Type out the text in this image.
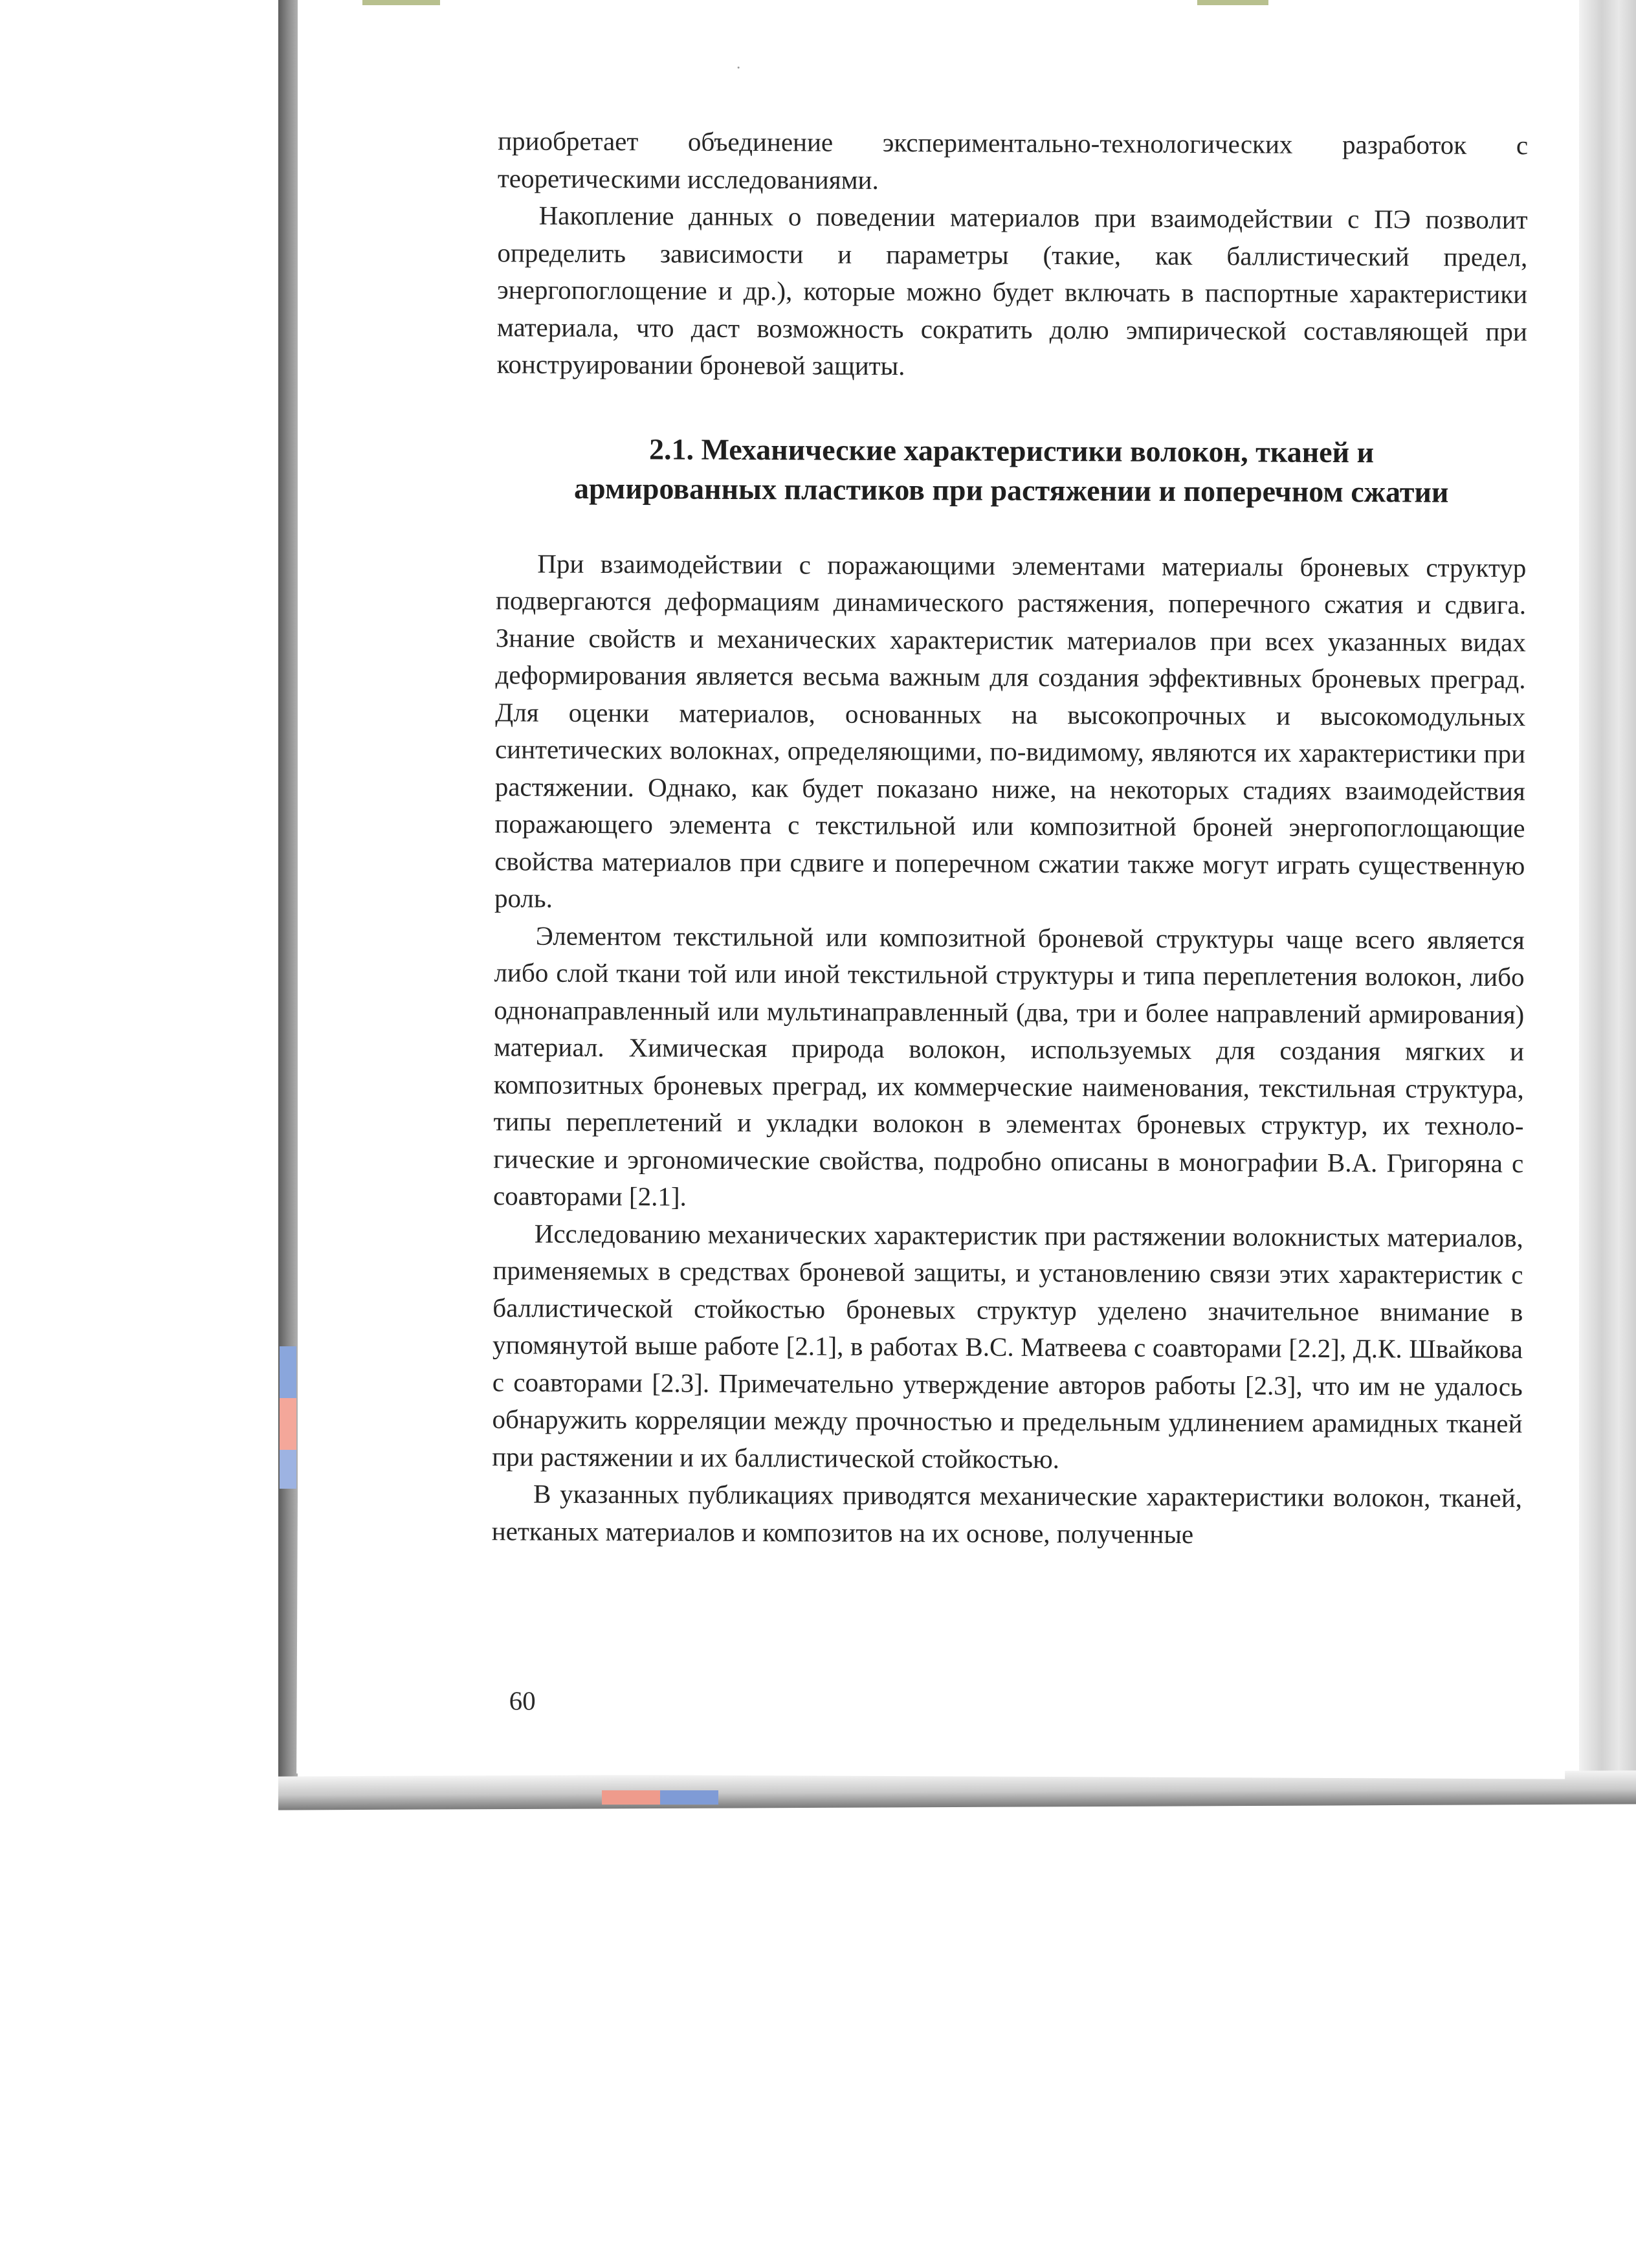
приобретает объединение экспериментально-технологических разработок с теоретическими исследованиями.

Накопление данных о поведении материалов при взаимодействии с ПЭ позволит определить зависимости и параметры (такие, как баллистический предел, энергопоглощение и др.), которые можно будет включать в паспортные характеристики материала, что даст возможность сократить долю эмпирической составляющей при конструировании броневой защиты.

2.1. Механические характеристики волокон, тканей и
армированных пластиков при растяжении и поперечном сжатии

При взаимодействии с поражающими элементами материалы броневых структур подвергаются деформациям динамического растяжения, поперечного сжатия и сдвига. Знание свойств и механических характеристик материалов при всех указанных видах деформирования является весьма важным для создания эффективных броневых преград. Для оценки материалов, основанных на высокопрочных и высокомодульных синтетических волокнах, определяющими, по-видимому, являются их характеристики при растяжении. Однако, как будет показано ниже, на некоторых стадиях взаимодействия поражающего элемента с текстильной или композитной броней энергопоглощающие свойства материалов при сдвиге и поперечном сжатии также могут играть существенную роль.

Элементом текстильной или композитной броневой структуры чаще всего является либо слой ткани той или иной текстильной структуры и типа переплетения волокон, либо однонаправленный или мультинаправленный (два, три и более направлений армирования) материал. Химическая природа волокон, используемых для создания мягких и композитных броневых преград, их коммерческие наименования, текстильная структура, типы переплетений и укладки волокон в элементах броневых структур, их технологические и эргономические свойства, подробно описаны в монографии В.А. Григоряна с соавторами [2.1].

Исследованию механических характеристик при растяжении волокнистых материалов, применяемых в средствах броневой защиты, и установлению связи этих характеристик с баллистической стойкостью броневых структур уделено значительное внимание в упомянутой выше работе [2.1], в работах В.С. Матвеева с соавторами [2.2], Д.К. Швайкова с соавторами [2.3]. Примечательно утверждение авторов работы [2.3], что им не удалось обнаружить корреляции между прочностью и предельным удлинением арамидных тканей при растяжении и их баллистической стойкостью.

В указанных публикациях приводятся механические характеристики волокон, тканей, нетканых материалов и композитов на их основе, полученные

60
